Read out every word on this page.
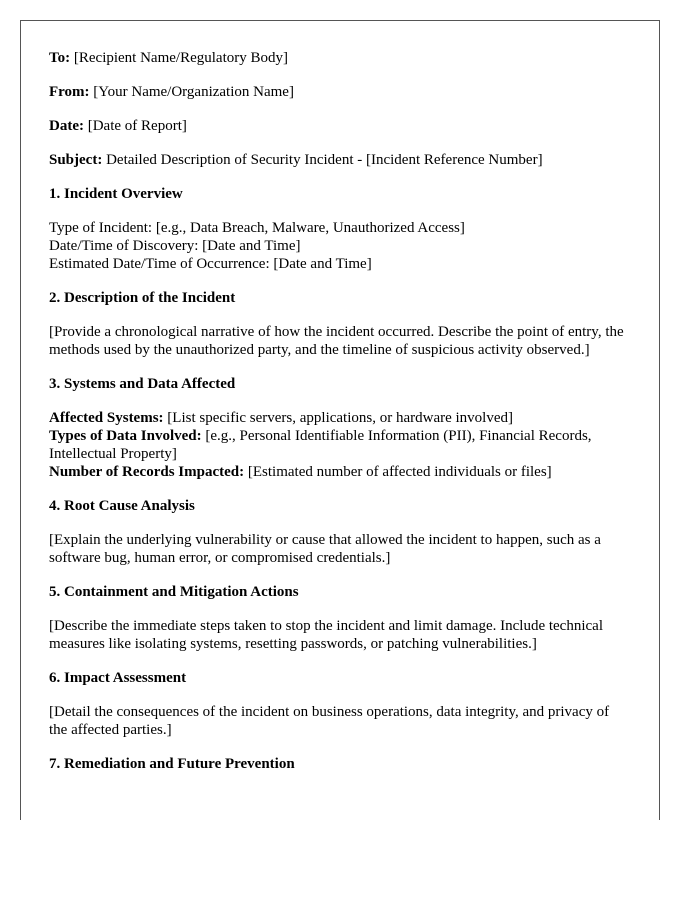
To: [Recipient Name/Regulatory Body]
From: [Your Name/Organization Name]
Date: [Date of Report]
Subject: Detailed Description of Security Incident - [Incident Reference Number]
1. Incident Overview
Type of Incident: [e.g., Data Breach, Malware, Unauthorized Access]
Date/Time of Discovery: [Date and Time]
Estimated Date/Time of Occurrence: [Date and Time]
2. Description of the Incident
[Provide a chronological narrative of how the incident occurred. Describe the point of entry, the methods used by the unauthorized party, and the timeline of suspicious activity observed.]
3. Systems and Data Affected
Affected Systems: [List specific servers, applications, or hardware involved]
Types of Data Involved: [e.g., Personal Identifiable Information (PII), Financial Records, Intellectual Property]
Number of Records Impacted: [Estimated number of affected individuals or files]
4. Root Cause Analysis
[Explain the underlying vulnerability or cause that allowed the incident to happen, such as a software bug, human error, or compromised credentials.]
5. Containment and Mitigation Actions
[Describe the immediate steps taken to stop the incident and limit damage. Include technical measures like isolating systems, resetting passwords, or patching vulnerabilities.]
6. Impact Assessment
[Detail the consequences of the incident on business operations, data integrity, and privacy of the affected parties.]
7. Remediation and Future Prevention
